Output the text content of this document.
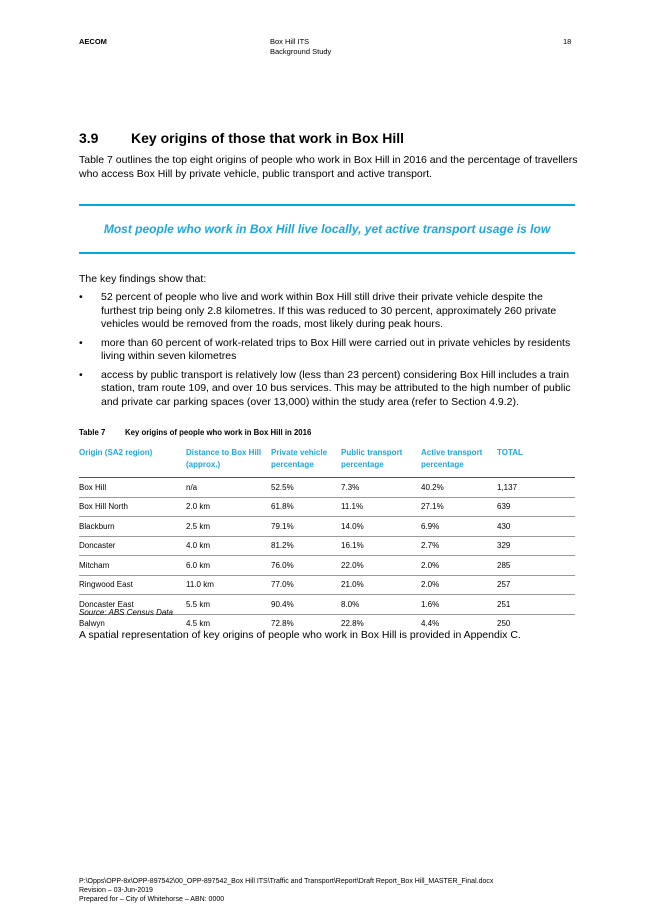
AECOM	Box Hill ITS
Background Study
18
3.9 Key origins of those that work in Box Hill

Table 7 outlines the top eight origins of people who work in Box Hill in 2016 and the percentage of travellers who access Box Hill by private vehicle, public transport and active transport.

Most people who work in Box Hill live locally, yet active transport usage is low

The key findings show that:

• 52 percent of people who live and work within Box Hill still drive their private vehicle despite the furthest trip being only 2.8 kilometres. If this was reduced to 30 percent, approximately 260 private vehicles would be removed from the roads, most likely during peak hours.
• more than 60 percent of work-related trips to Box Hill were carried out in private vehicles by residents living within seven kilometres
• access by public transport is relatively low (less than 23 percent) considering Box Hill includes a train station, tram route 109, and over 10 bus services. This may be attributed to the high number of public and private car parking spaces (over 13,000) within the study area (refer to Section 4.9.2).

Table 7	Key origins of people who work in Box Hill in 2016

Origin (SA2 region)	Distance to Box Hill (approx.)	Private vehicle percentage	Public transport percentage	Active transport percentage	TOTAL
Box Hill	n/a	52.5%	7.3%	40.2%	1,137
Box Hill North	2.0 km	61.8%	11.1%	27.1%	639
Blackburn	2.5 km	79.1%	14.0%	6.9%	430
Doncaster	4.0 km	81.2%	16.1%	2.7%	329
Mitcham	6.0 km	76.0%	22.0%	2.0%	285
Ringwood East	11.0 km	77.0%	21.0%	2.0%	257
Doncaster East	5.5 km	90.4%	8.0%	1.6%	251
Balwyn	4.5 km	72.8%	22.8%	4.4%	250

Source: ABS Census Data

A spatial representation of key origins of people who work in Box Hill is provided in Appendix C.

P:\Opps\OPP-8x\OPP-897542\00_OPP-897542_Box Hill ITS\Traffic and Transport\Report\Draft Report_Box Hill_MASTER_Final.docx
Revision – 03-Jun-2019
Prepared for – City of Whitehorse – ABN: 0000
